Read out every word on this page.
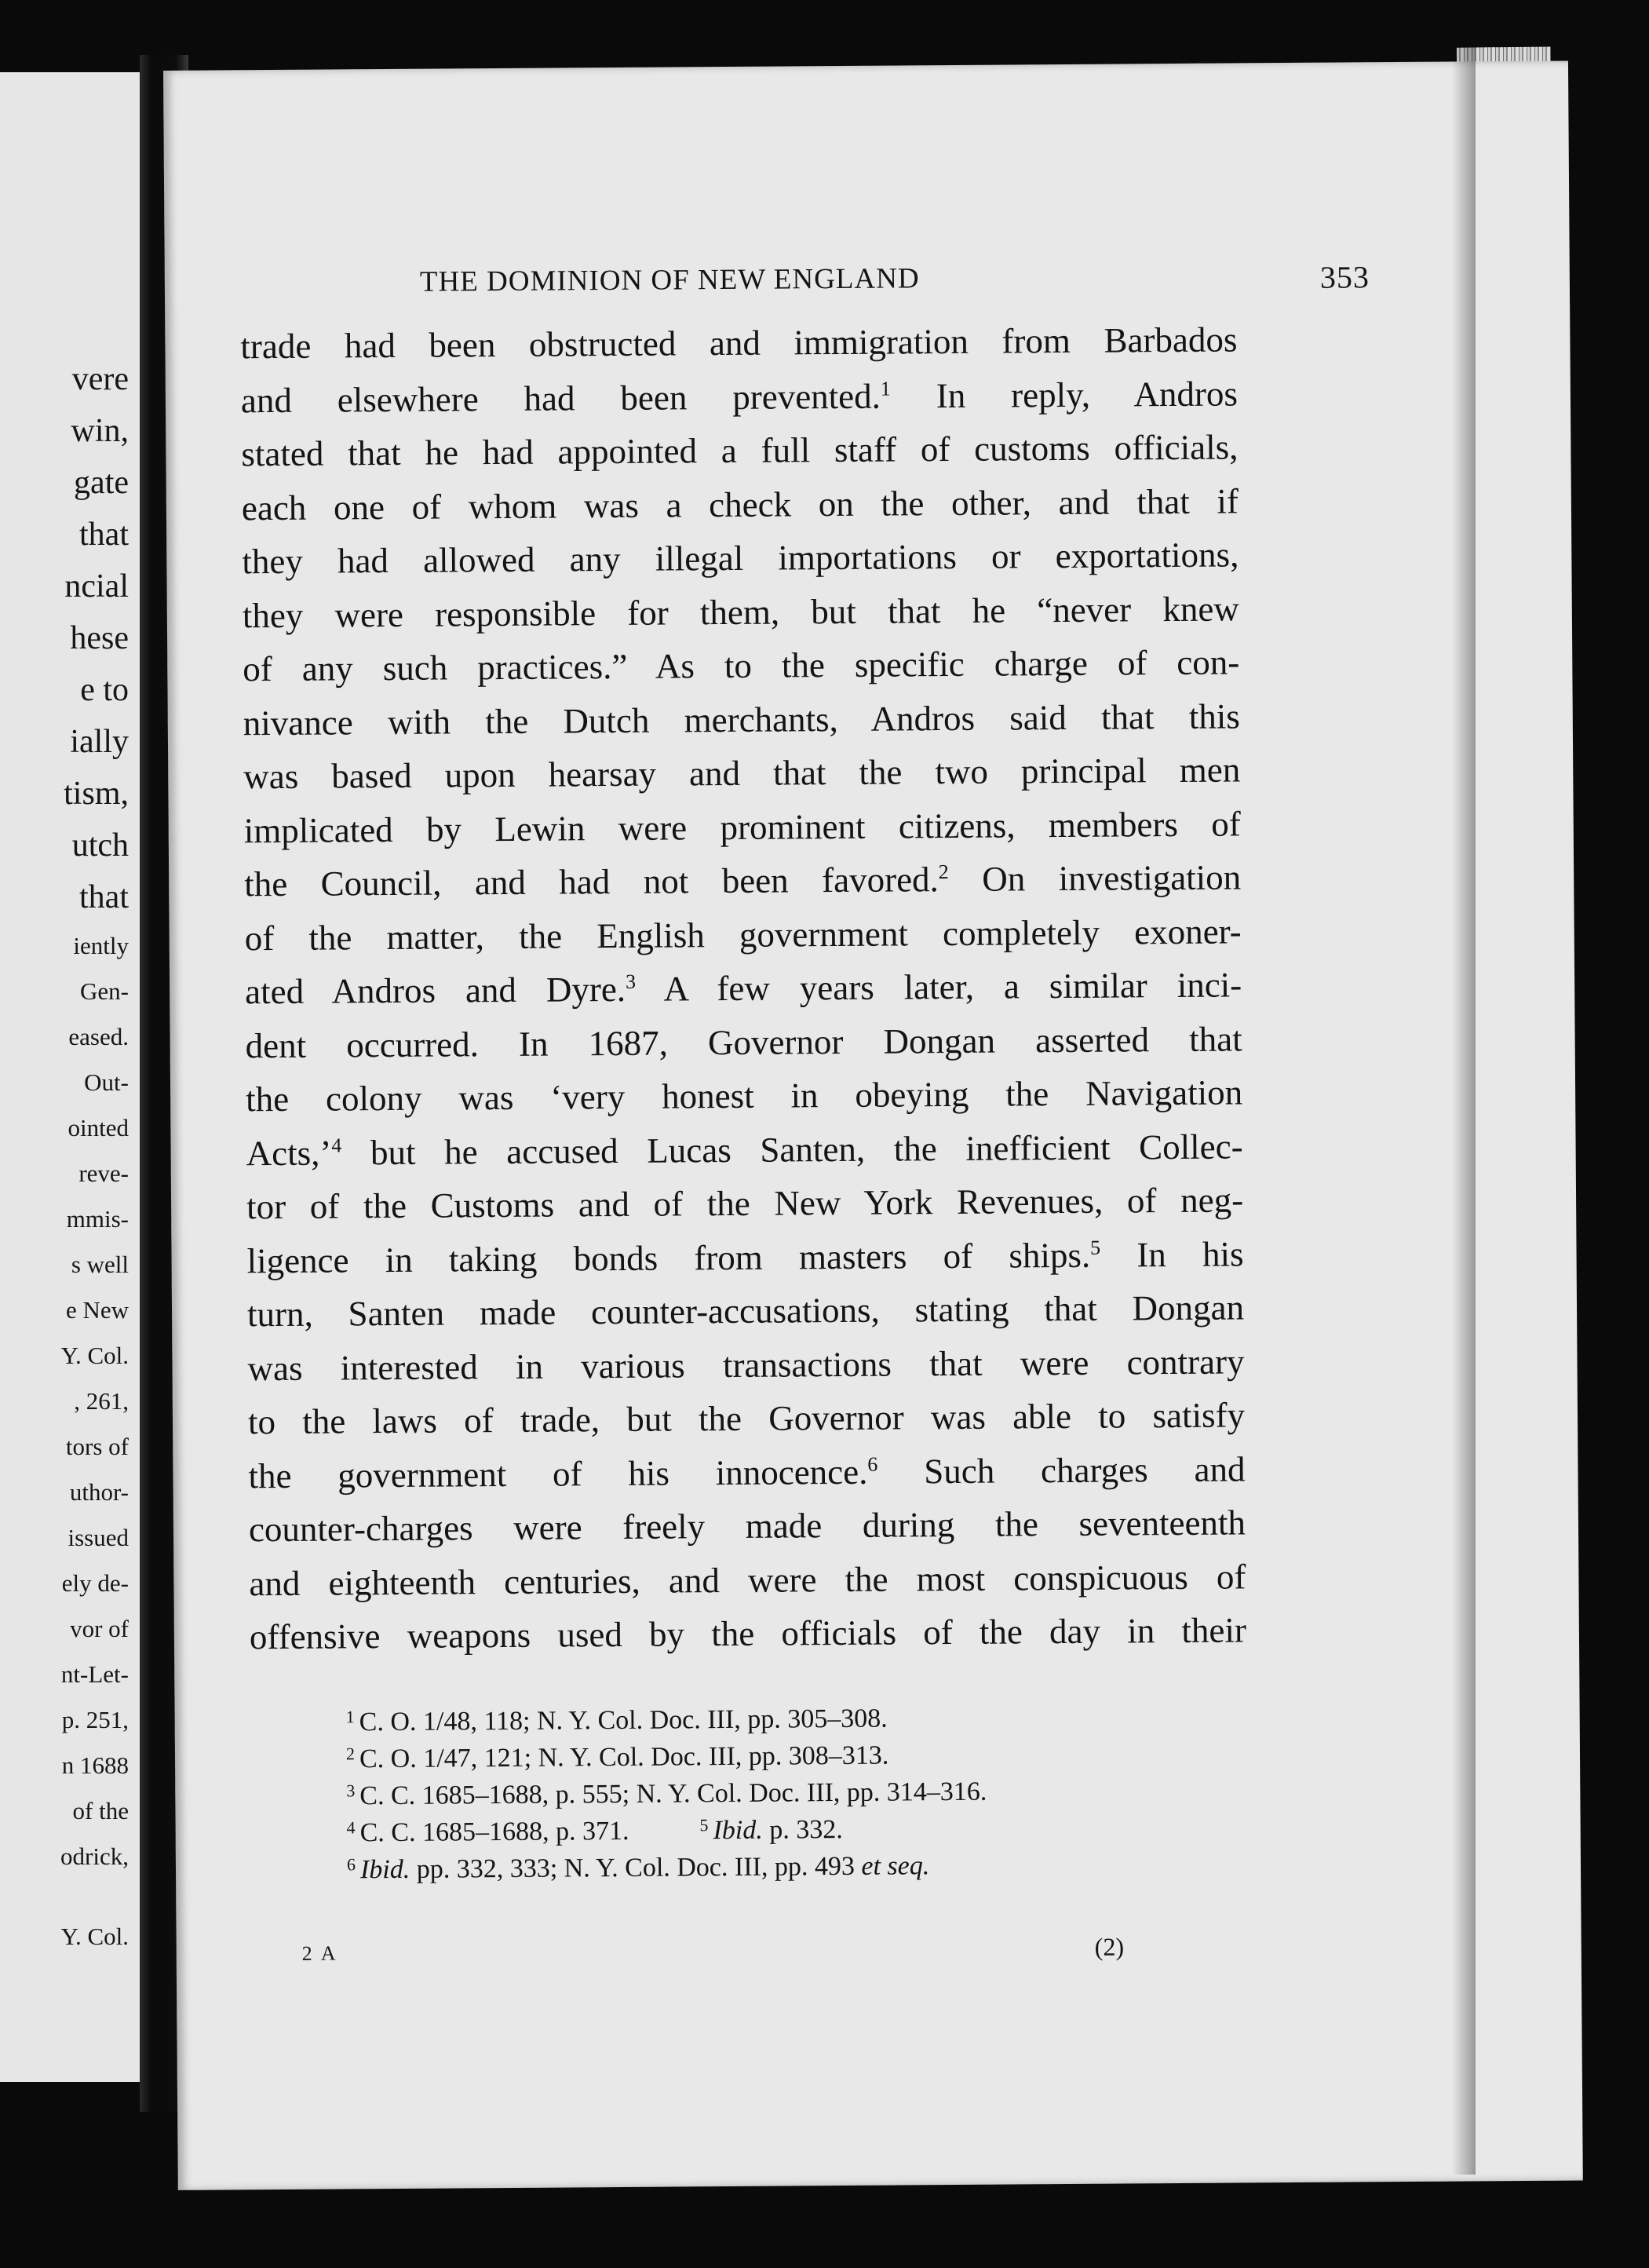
vere
win,
gate
that
ncial
hese
e to
ially
tism,
utch
that
iently
Gen-
eased.
Out-
ointed
reve-
mmis-
s well
e New
Y. Col.
, 261,
tors of
uthor-
issued
ely de-
vor of
nt-Let-
p. 251,
n 1688
of the
odrick,
Y. Col.
THE DOMINION OF NEW ENGLAND	353
trade had been obstructed and immigration from Barbados
and elsewhere had been prevented.$^1$ In reply, Andros
stated that he had appointed a full staff of customs officials,
each one of whom was a check on the other, and that if
they had allowed any illegal importations or exportations,
they were responsible for them, but that he “never knew
of any such practices.” As to the specific charge of con-
nivance with the Dutch merchants, Andros said that this
was based upon hearsay and that the two principal men
implicated by Lewin were prominent citizens, members of
the Council, and had not been favored.$^2$ On investigation
of the matter, the English government completely exoner-
ated Andros and Dyre.$^3$ A few years later, a similar inci-
dent occurred. In 1687, Governor Dongan asserted that
the colony was ‘very honest in obeying the Navigation
Acts,’$^4$ but he accused Lucas Santen, the inefficient Collec-
tor of the Customs and of the New York Revenues, of neg-
ligence in taking bonds from masters of ships.$^5$ In his
turn, Santen made counter-accusations, stating that Dongan
was interested in various transactions that were contrary
to the laws of trade, but the Governor was able to satisfy
the government of his innocence.$^6$ Such charges and
counter-charges were freely made during the seventeenth
and eighteenth centuries, and were the most conspicuous of
offensive weapons used by the officials of the day in their
$^1$ C. O. 1/48, 118; N. Y. Col. Doc. III, pp. 305–308.
$^2$ C. O. 1/47, 121; N. Y. Col. Doc. III, pp. 308–313.
$^3$ C. C. 1685–1688, p. 555; N. Y. Col. Doc. III, pp. 314–316.
$^4$ C. C. 1685–1688, p. 371.	$^5$ Ibid. p. 332.
$^6$ Ibid. pp. 332, 333; N. Y. Col. Doc. III, pp. 493 et seq.
2 A	(2)
